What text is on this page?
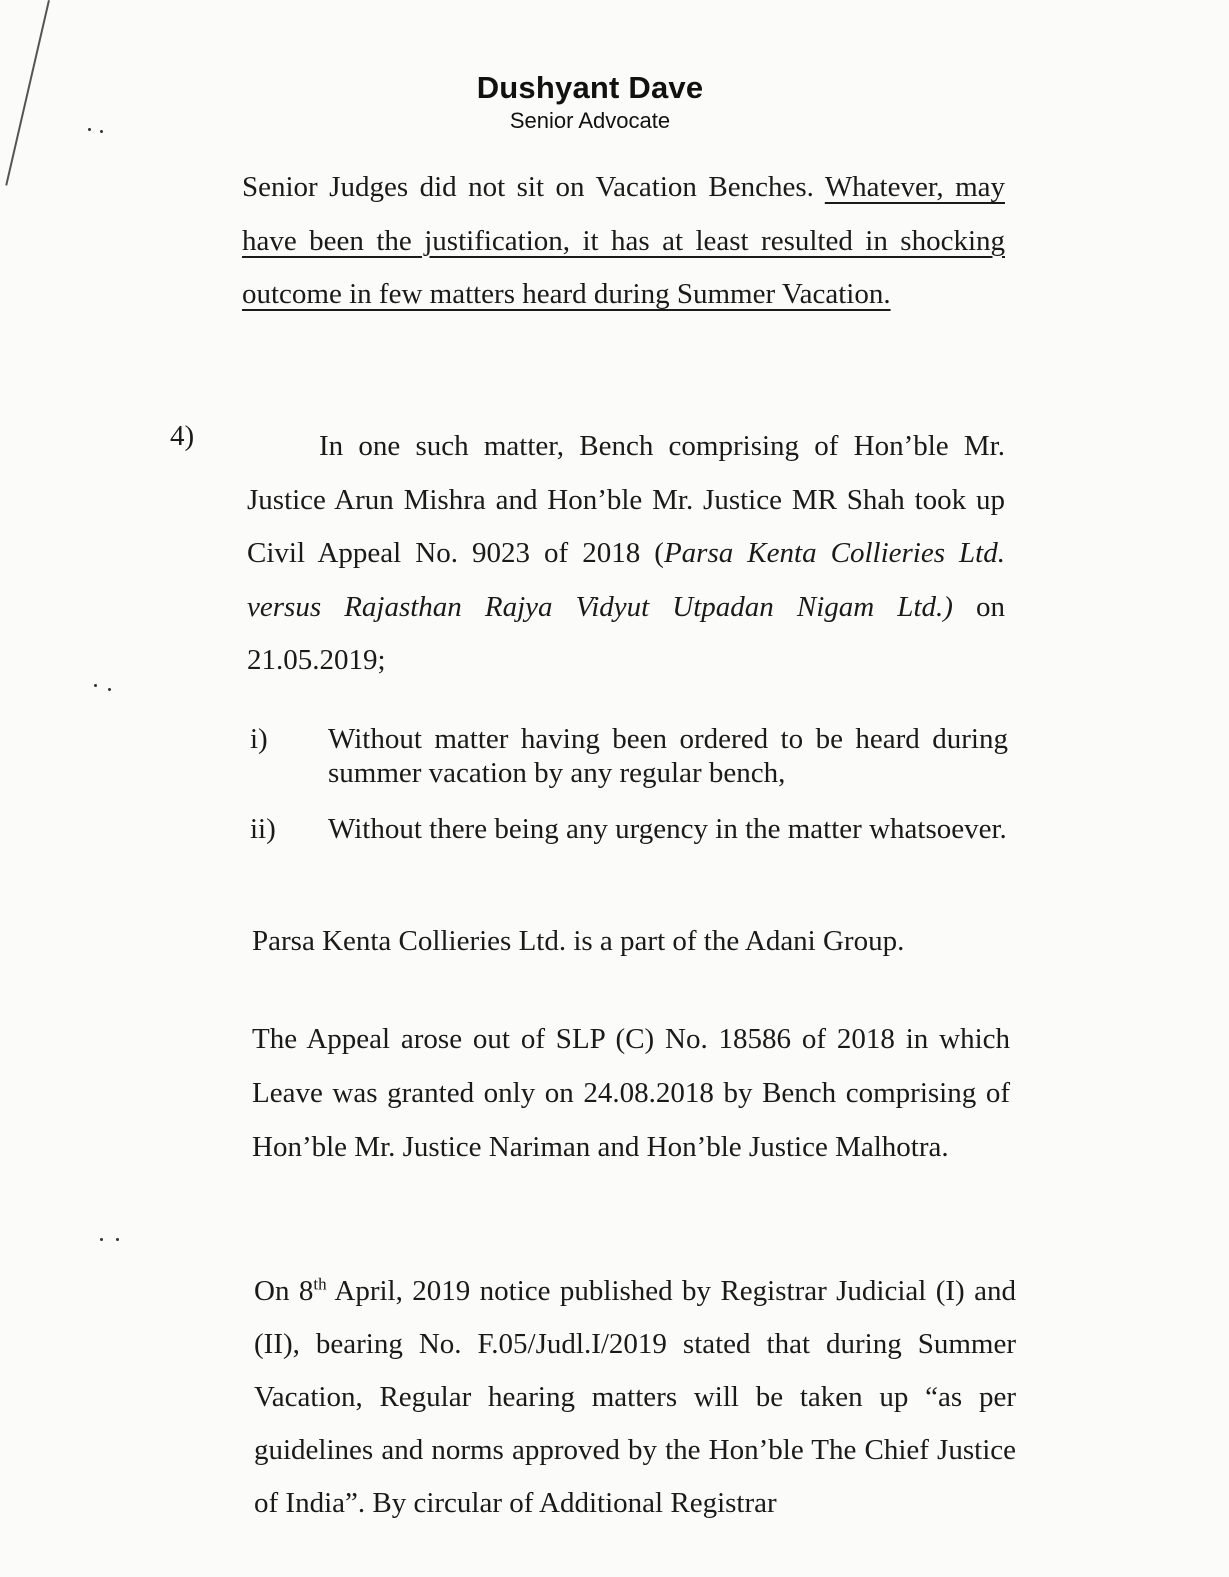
Dushyant Dave
Senior Advocate
Senior Judges did not sit on Vacation Benches. Whatever, may have been the justification, it has at least resulted in shocking outcome in few matters heard during Summer Vacation.
4)	In one such matter, Bench comprising of Hon’ble Mr. Justice Arun Mishra and Hon’ble Mr. Justice MR Shah took up Civil Appeal No. 9023 of 2018 (Parsa Kenta Collieries Ltd. versus Rajasthan Rajya Vidyut Utpadan Nigam Ltd.) on 21.05.2019;
i) Without matter having been ordered to be heard during summer vacation by any regular bench,
ii) Without there being any urgency in the matter whatsoever.
Parsa Kenta Collieries Ltd. is a part of the Adani Group.
The Appeal arose out of SLP (C) No. 18586 of 2018 in which Leave was granted only on 24.08.2018 by Bench comprising of Hon’ble Mr. Justice Nariman and Hon’ble Justice Malhotra.
On 8th April, 2019 notice published by Registrar Judicial (I) and (II), bearing No. F.05/Judl.I/2019 stated that during Summer Vacation, Regular hearing matters will be taken up “as per guidelines and norms approved by the Hon’ble The Chief Justice of India”. By circular of Additional Registrar
